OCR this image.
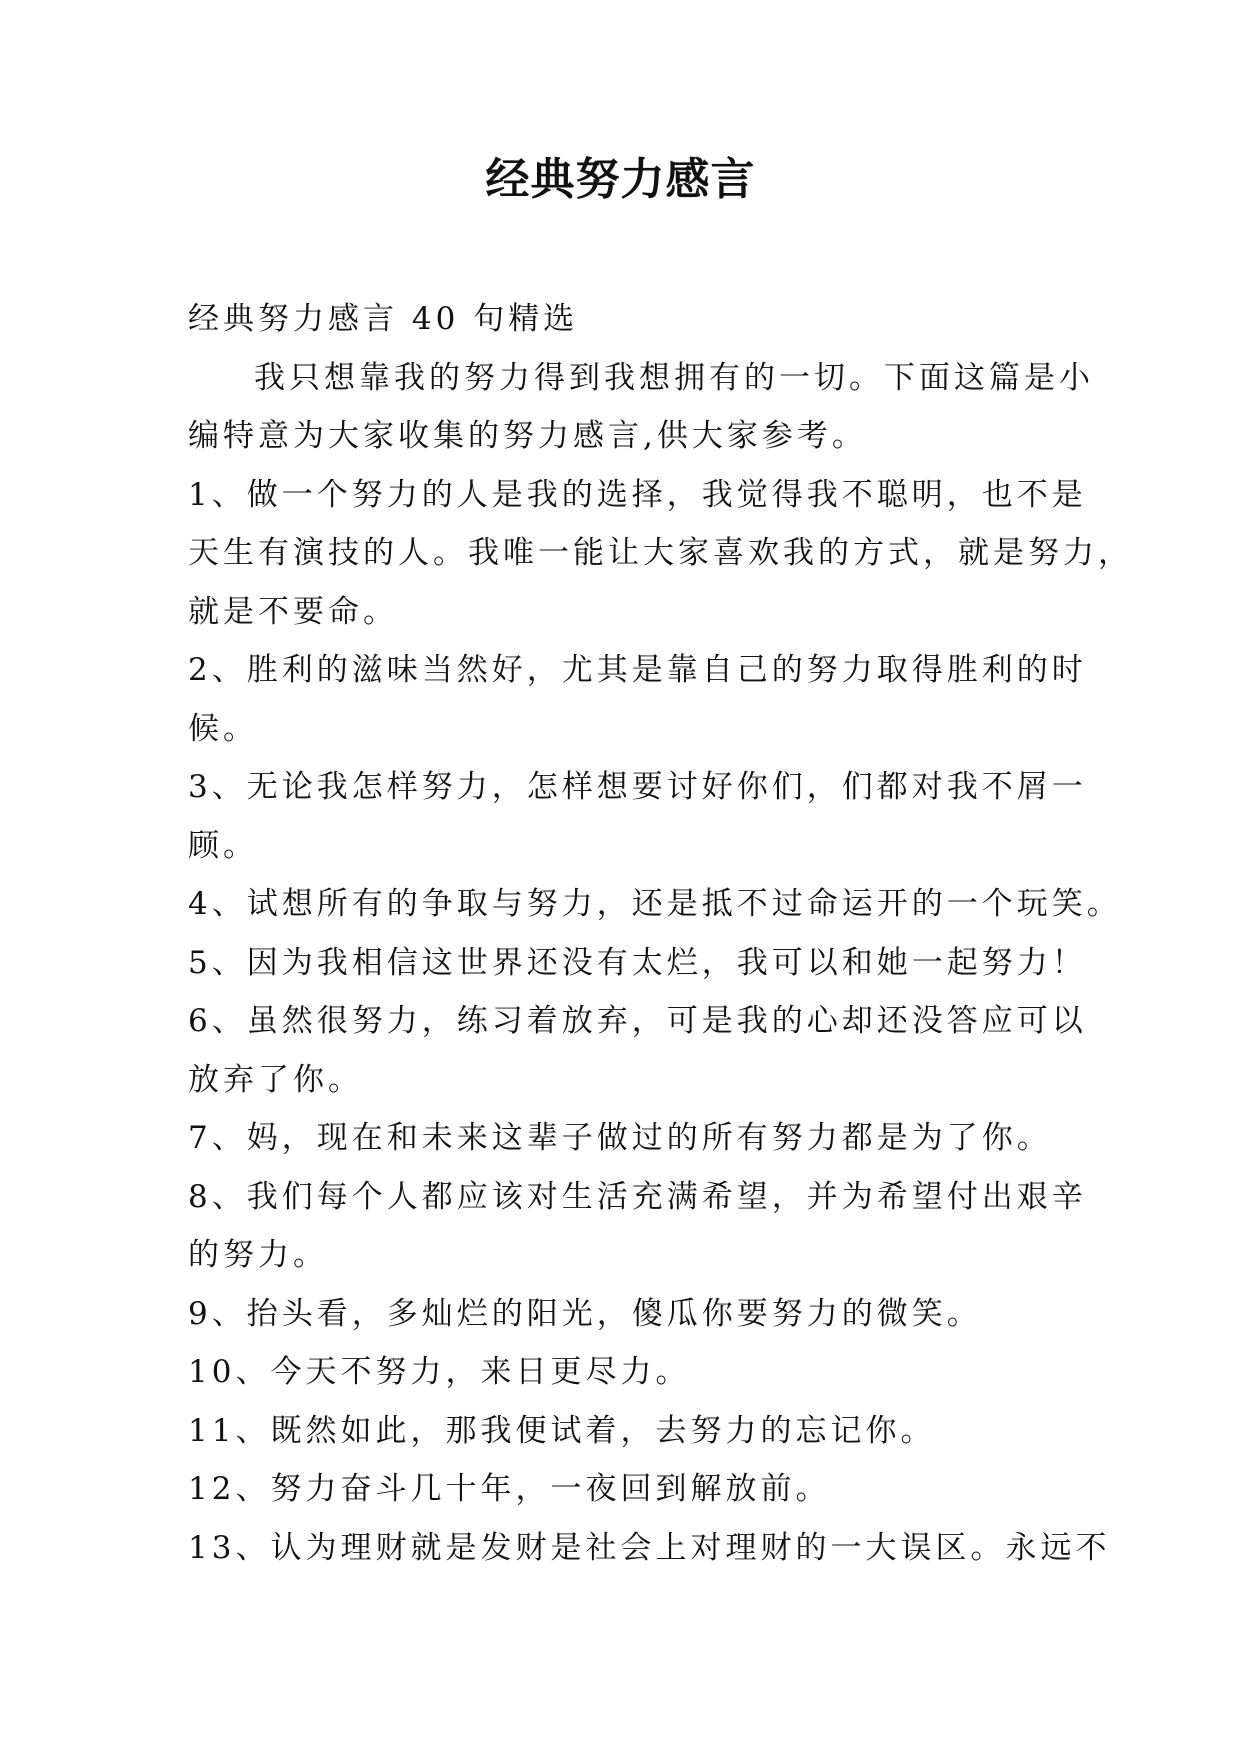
经典努力感言

经典努力感言 40 句精选

我只想靠我的努力得到我想拥有的一切。下面这篇是小

编特意为大家收集的努力感言,供大家参考。

1、做一个努力的人是我的选择，我觉得我不聪明，也不是

天生有演技的人。我唯一能让大家喜欢我的方式，就是努力，

就是不要命。

2、胜利的滋味当然好，尤其是靠自己的努力取得胜利的时

候。

3、无论我怎样努力，怎样想要讨好你们，们都对我不屑一

顾。

4、试想所有的争取与努力，还是抵不过命运开的一个玩笑。

5、因为我相信这世界还没有太烂，我可以和她一起努力！

6、虽然很努力，练习着放弃，可是我的心却还没答应可以

放弃了你。

7、妈，现在和未来这辈子做过的所有努力都是为了你。

8、我们每个人都应该对生活充满希望，并为希望付出艰辛

的努力。

9、抬头看，多灿烂的阳光，傻瓜你要努力的微笑。

10、今天不努力，来日更尽力。

11、既然如此，那我便试着，去努力的忘记你。

12、努力奋斗几十年，一夜回到解放前。

13、认为理财就是发财是社会上对理财的一大误区。永远不
